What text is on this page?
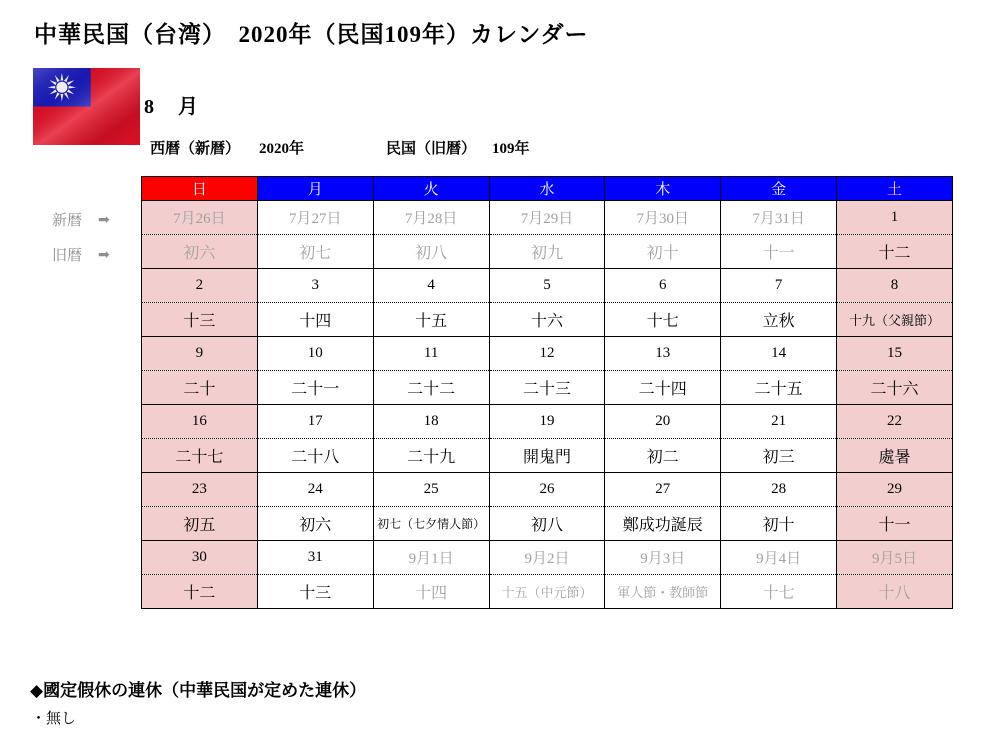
中華民国（台湾）　2020年（民国109年）カレンダー
8　月
西暦（新暦） 2020年	民国（旧暦） 109年
新暦 ➡
旧暦 ➡
日	月	火	水	木	金	土
7月26日	7月27日	7月28日	7月29日	7月30日	7月31日	1
初六	初七	初八	初九	初十	十一	十二
2	3	4	5	6	7	8
十三	十四	十五	十六	十七	立秋	十九（父親節）
9	10	11	12	13	14	15
二十	二十一	二十二	二十三	二十四	二十五	二十六
16	17	18	19	20	21	22
二十七	二十八	二十九	開鬼門	初二	初三	處暑
23	24	25	26	27	28	29
初五	初六	初七（七夕情人節）	初八	鄭成功誕辰	初十	十一
30	31	9月1日	9月2日	9月3日	9月4日	9月5日
十二	十三	十四	十五（中元節）	軍人節・教師節	十七	十八
◆國定假休の連休（中華民国が定めた連休）
・無し
